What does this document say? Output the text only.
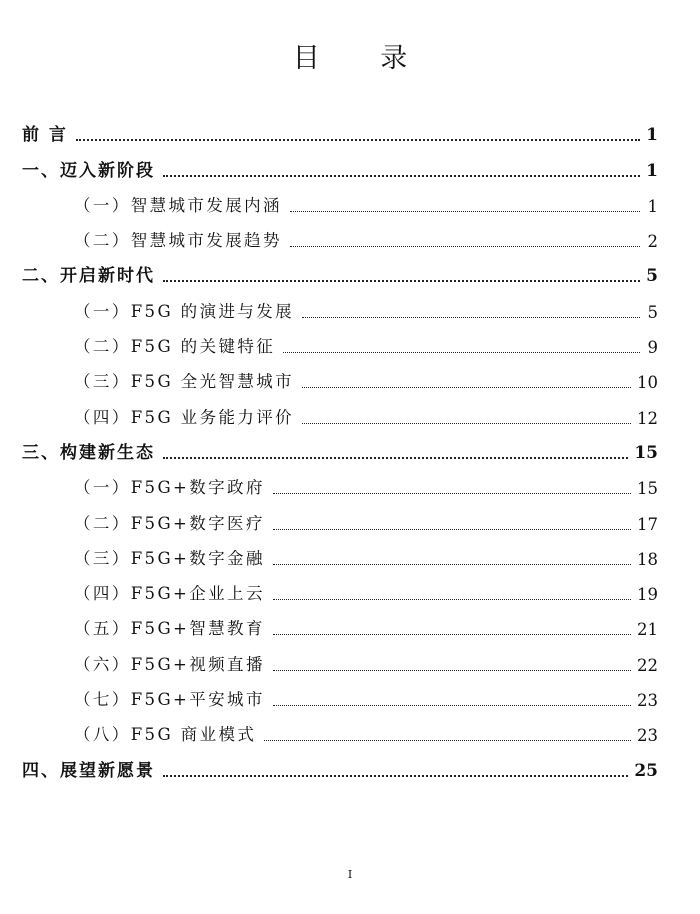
目 录
前 言	1
一、迈入新阶段	1
（一）智慧城市发展内涵	1
（二）智慧城市发展趋势	2
二、开启新时代	5
（一）F5G 的演进与发展	5
（二）F5G 的关键特征	9
（三）F5G 全光智慧城市	10
（四）F5G 业务能力评价	12
三、构建新生态	15
（一）F5G+数字政府	15
（二）F5G+数字医疗	17
（三）F5G+数字金融	18
（四）F5G+企业上云	19
（五）F5G+智慧教育	21
（六）F5G+视频直播	22
（七）F5G+平安城市	23
（八）F5G 商业模式	23
四、展望新愿景	25
I
